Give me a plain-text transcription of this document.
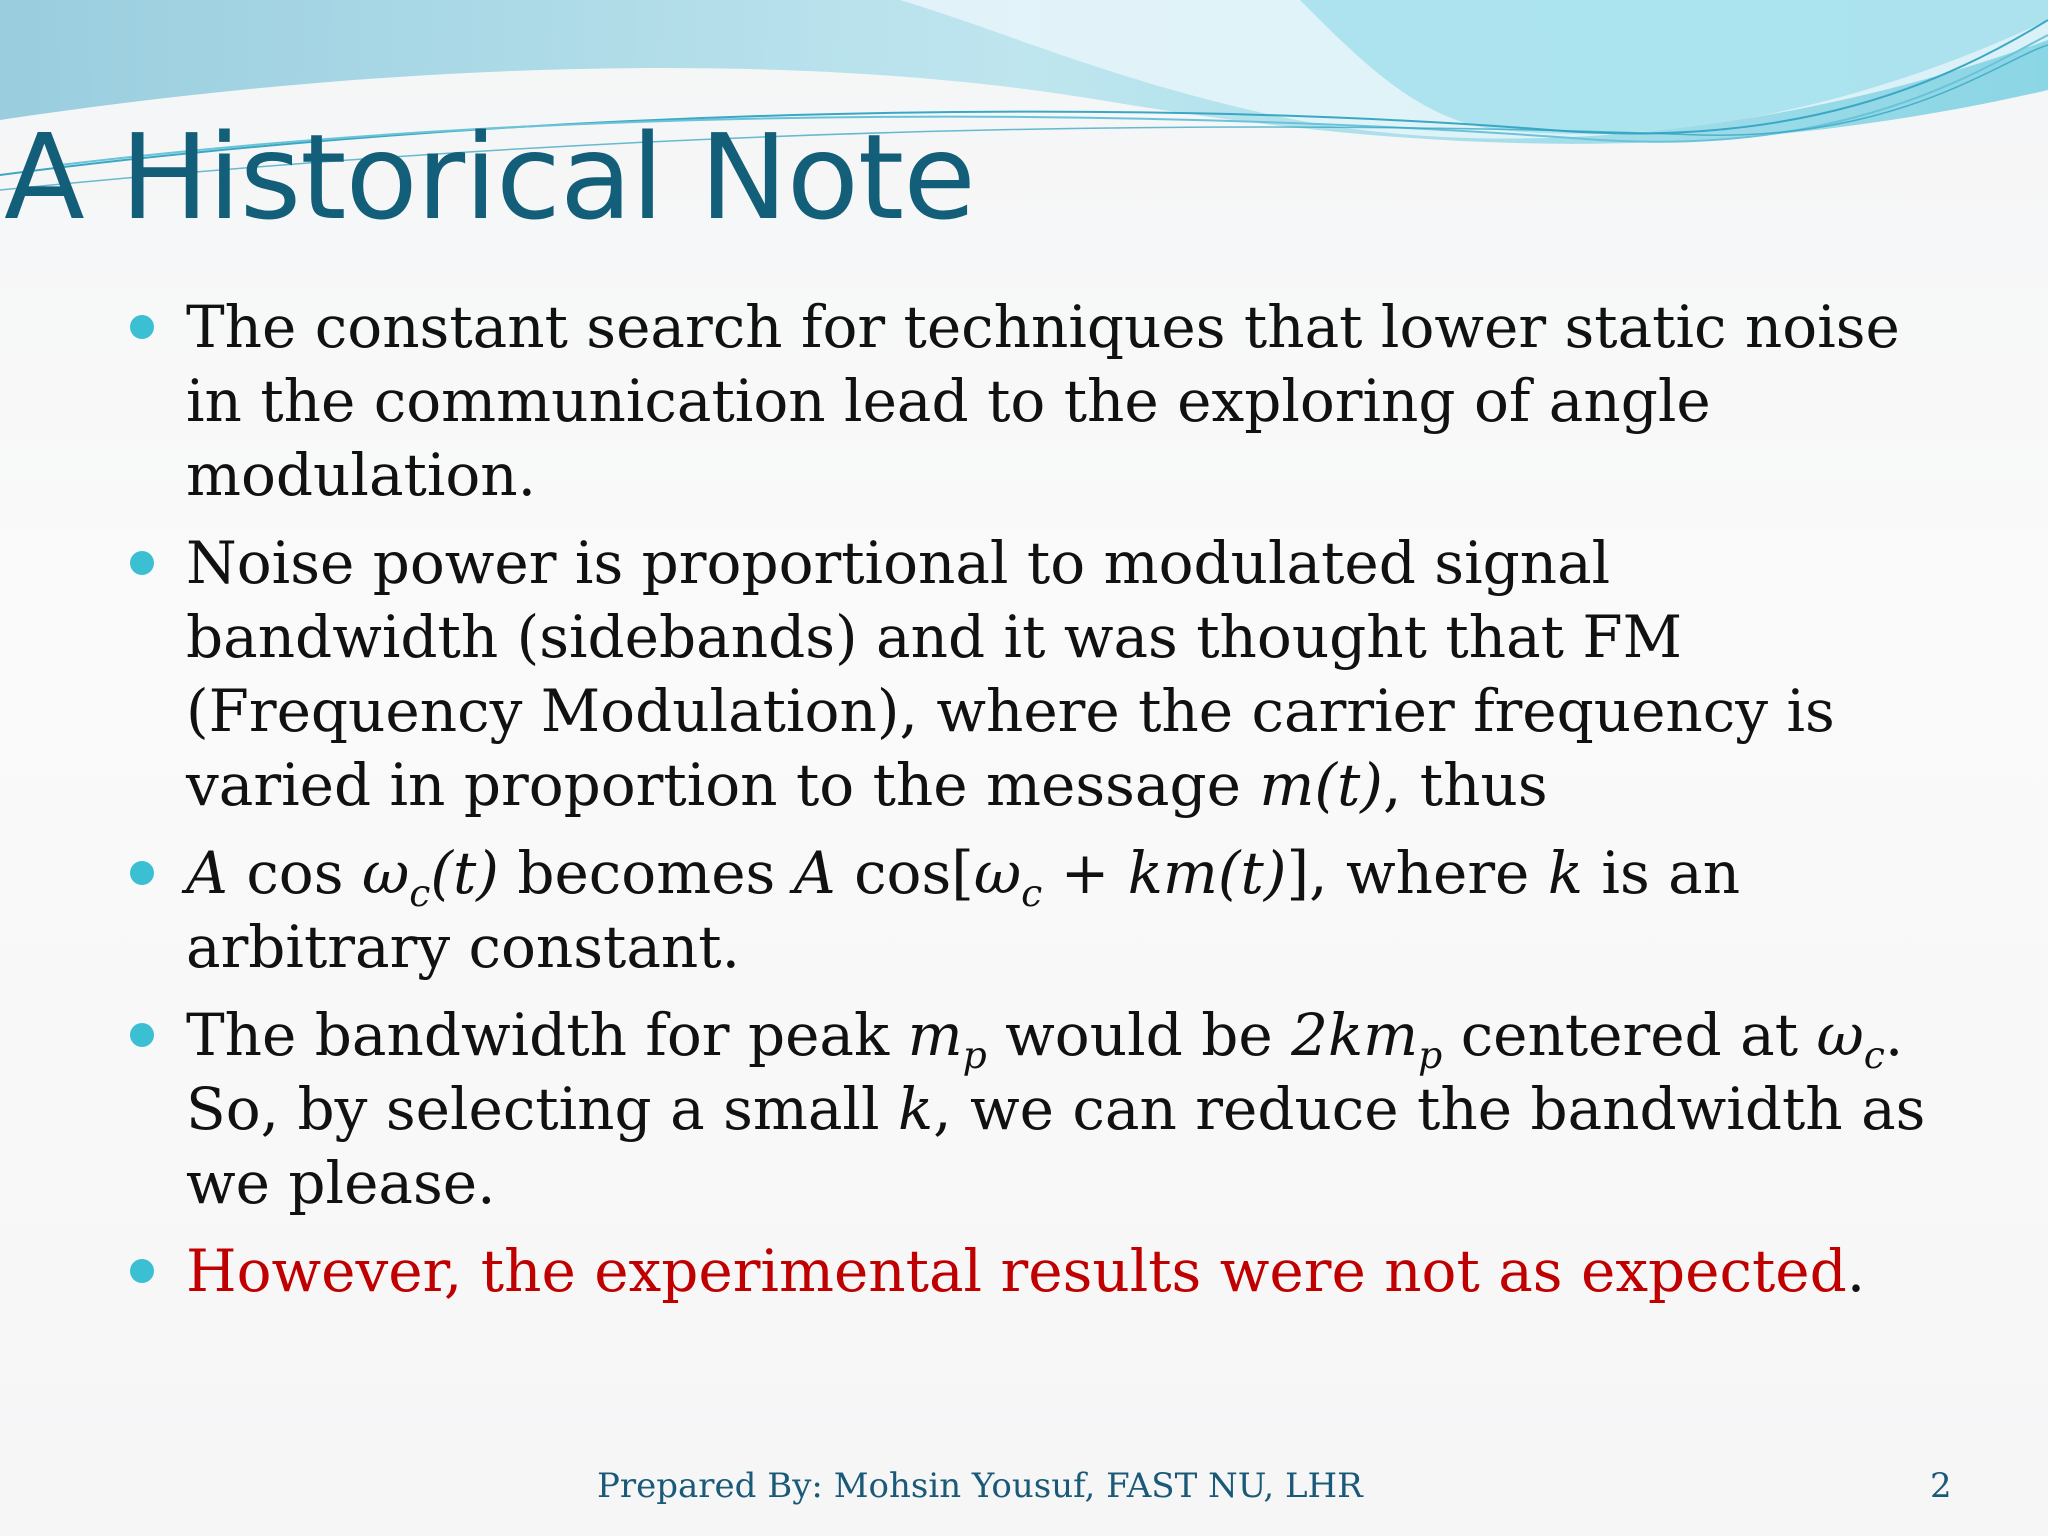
A Historical Note
The constant search for techniques that lower static noise in the communication lead to the exploring of angle modulation.
Noise power is proportional to modulated signal bandwidth (sidebands) and it was thought that FM (Frequency Modulation), where the carrier frequency is varied in proportion to the message m(t), thus
A $\cos \omega_c(t)$ becomes A $\cos[\omega_c + km(t)]$, where k is an arbitrary constant.
The bandwidth for peak $m_p$ would be $2km_p$ centered at $\omega_c$. So, by selecting a small k, we can reduce the bandwidth as we please.
However, the experimental results were not as expected.
Prepared By: Mohsin Yousuf, FAST NU, LHR	2
